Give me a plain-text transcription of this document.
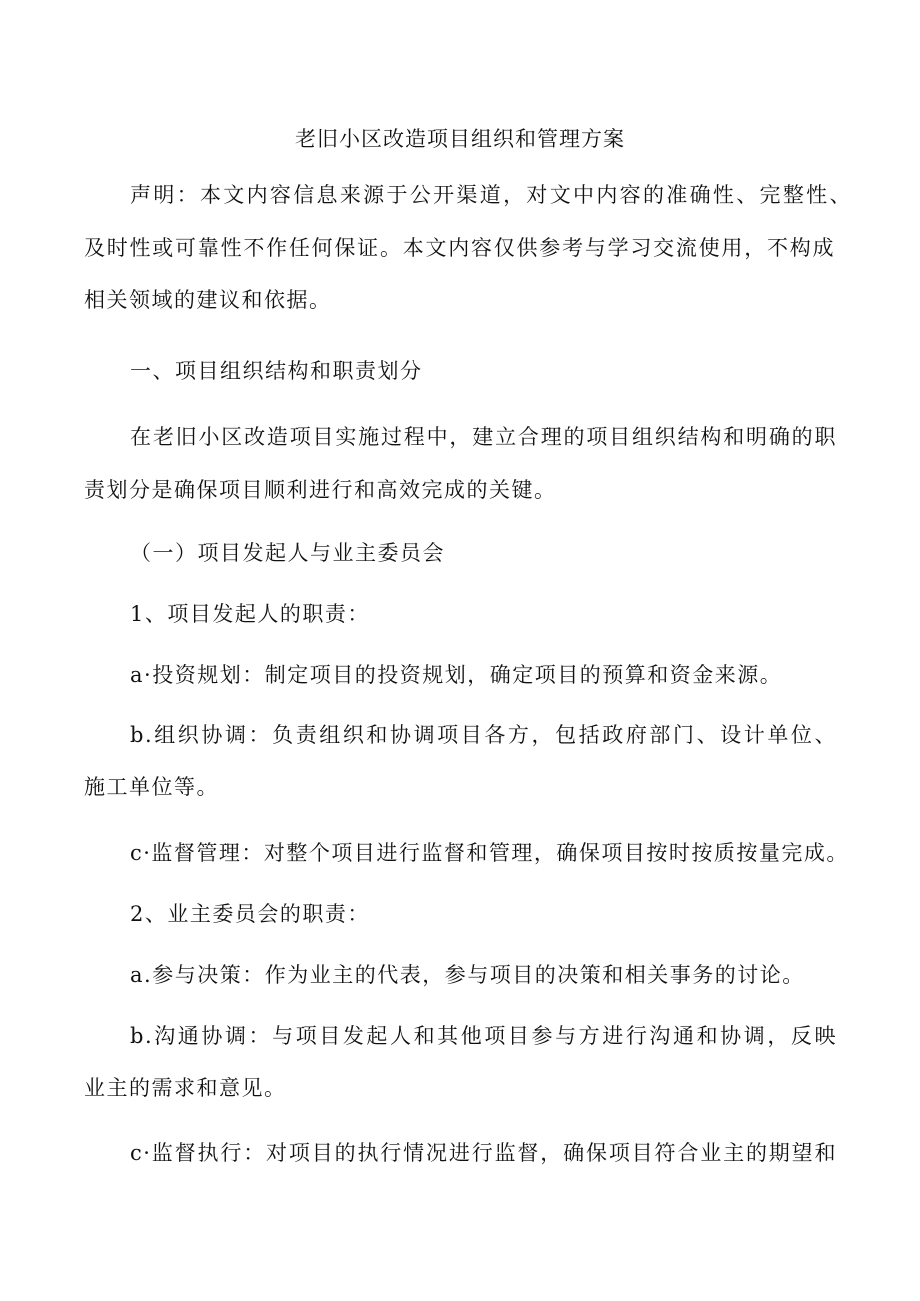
老旧小区改造项目组织和管理方案
声明：本文内容信息来源于公开渠道，对文中内容的准确性、完整性、
及时性或可靠性不作任何保证。本文内容仅供参考与学习交流使用，不构成
相关领域的建议和依据。
一、项目组织结构和职责划分
在老旧小区改造项目实施过程中，建立合理的项目组织结构和明确的职
责划分是确保项目顺利进行和高效完成的关键。
（一）项目发起人与业主委员会
1、项目发起人的职责：
a·投资规划：制定项目的投资规划，确定项目的预算和资金来源。
b.组织协调：负责组织和协调项目各方，包括政府部门、设计单位、
施工单位等。
c·监督管理：对整个项目进行监督和管理，确保项目按时按质按量完成。
2、业主委员会的职责：
a.参与决策：作为业主的代表，参与项目的决策和相关事务的讨论。
b.沟通协调：与项目发起人和其他项目参与方进行沟通和协调，反映
业主的需求和意见。
c·监督执行：对项目的执行情况进行监督，确保项目符合业主的期望和
